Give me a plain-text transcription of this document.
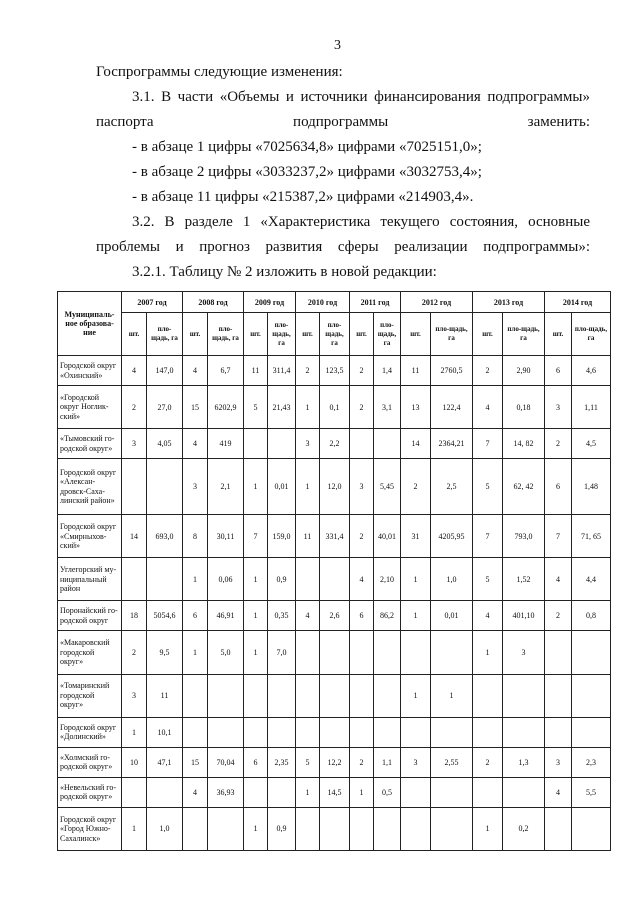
3
Госпрограммы следующие изменения:
3.1. В части «Объемы и источники финансирования подпрограммы» паспорта подпрограммы заменить:
- в абзаце 1 цифры «7025634,8» цифрами «7025151,0»;
- в абзаце 2 цифры «3033237,2» цифрами «3032753,4»;
- в абзаце 11 цифры «215387,2» цифрами «214903,4».
3.2. В разделе 1 «Характеристика текущего состояния, основные проблемы и прогноз развития сферы реализации подпрограммы»:
3.2.1. Таблицу № 2 изложить в новой редакции:
Муниципаль-ное образова-ние	2007 год		2008 год		2009 год		2010 год		2011 год		2012 год		2013 год		2014 год	
	шт.	пло-щадь, га	шт.	пло-щадь, га	шт.	пло-щадь, га	шт.	пло-щадь, га	шт.	пло-щадь, га	шт.	пло-щадь, га	шт.	пло-щадь, га	шт.	пло-щадь, га
Городской округ «Охинский»	4	147,0	4	6,7	11	311,4	2	123,5	2	1,4	11	2760,5	2	2,90	6	4,6
«Городской округ Ноглик-ский»	2	27,0	15	6202,9	5	21,43	1	0,1	2	3,1	13	122,4	4	0,18	3	1,11
«Тымовский го-родской округ»	3	4,05	4	419			3	2,2			14	2364,21	7	14, 82	2	4,5
Городской округ «Алексан-дровск-Саха-линский район»			3	2,1	1	0,01	1	12,0	3	5,45	2	2,5	5	62, 42	6	1,48
Городской округ «Смирныхов-ский»	14	693,0	8	30,11	7	159,0	11	331,4	2	40,01	31	4205,95	7	793,0	7	71, 65
Углегорский му-ниципальный район			1	0,06	1	0,9			4	2,10	1	1,0	5	1,52	4	4,4
Поронайский го-родской округ	18	5054,6	6	46,91	1	0,35	4	2,6	6	86,2	1	0,01	4	401,10	2	0,8
«Макаровский городской округ»	2	9,5	1	5,0	1	7,0							1	3		
«Томаринский городской округ»	3	11									1	1				
Городской округ «Долинский»	1	10,1														
«Холмский го-родской округ»	10	47,1	15	70,04	6	2,35	5	12,2	2	1,1	3	2,55	2	1,3	3	2,3
«Невельский го-родской округ»			4	36,93			1	14,5	1	0,5					4	5,5
Городской округ «Город Южно-Сахалинск»	1	1,0			1	0,9							1	0,2		
